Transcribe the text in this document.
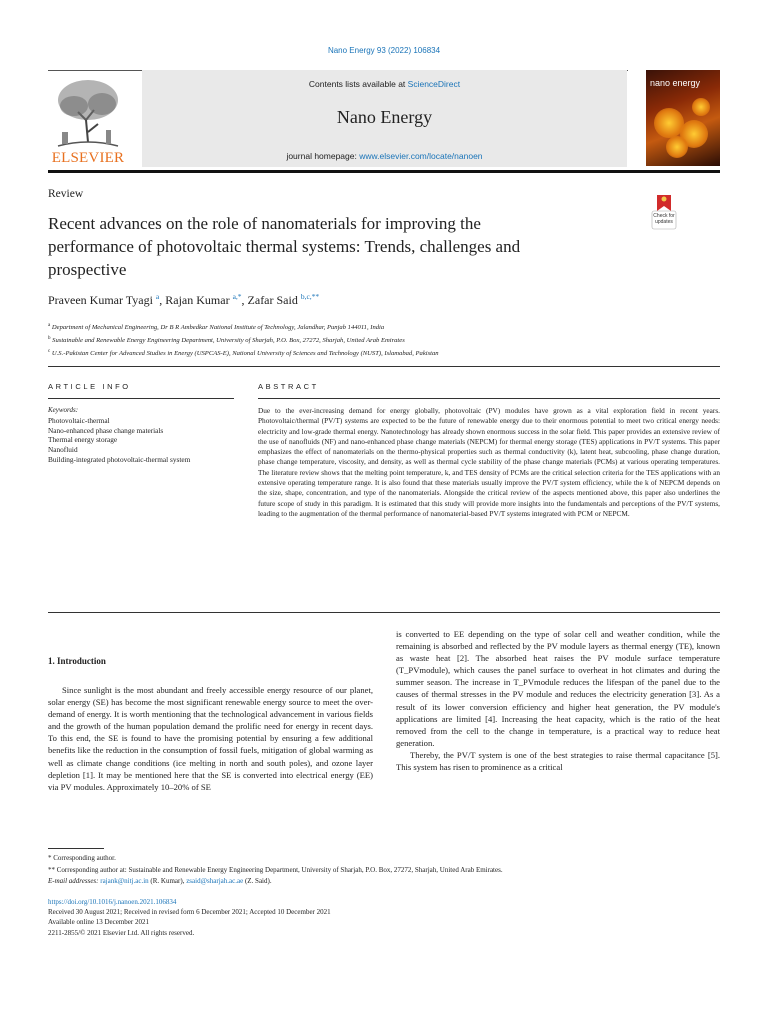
Nano Energy 93 (2022) 106834
ELSEVIER
Contents lists available at ScienceDirect
Nano Energy
journal homepage: www.elsevier.com/locate/nanoen
nano energy
Review
Recent advances on the role of nanomaterials for improving the performance of photovoltaic thermal systems: Trends, challenges and prospective
Check for updates
Praveen Kumar Tyagi $^a$, Rajan Kumar $^{a,*}$, Zafar Said $^{b,c,**}$
$^a$ Department of Mechanical Engineering, Dr B R Ambedkar National Institute of Technology, Jalandhar, Punjab 144011, India
$^b$ Sustainable and Renewable Energy Engineering Department, University of Sharjah, P.O. Box, 27272, Sharjah, United Arab Emirates
$^c$ U.S.-Pakistan Center for Advanced Studies in Energy (USPCAS-E), National University of Sciences and Technology (NUST), Islamabad, Pakistan
ARTICLE INFO	ABSTRACT
Keywords:
Photovoltaic-thermal
Nano-enhanced phase change materials
Thermal energy storage
Nanofluid
Building-integrated photovoltaic-thermal system
Due to the ever-increasing demand for energy globally, photovoltaic (PV) modules have grown as a vital exploration field in recent years. Photovoltaic/thermal (PV/T) systems are expected to be the future of renewable energy due to their enormous potential to meet two critical energy needs: electricity and low-grade thermal energy. Nanotechnology has already shown enormous success in the solar field. This paper provides an extensive review of the use of nanofluids (NF) and nano-enhanced phase change materials (NEPCM) for thermal energy storage (TES) applications in PV/T systems. This paper emphasizes the effect of nanomaterials on the thermo-physical properties such as thermal conductivity (k), latent heat, subcooling, phase change duration, phase change temperature, viscosity, and density, as well as thermal cycle stability of the phase change materials (PCMs) at various operating temperatures. The literature review shows that the melting point temperature, k, and TES density of PCMs are the critical selection criteria for the TES applications with an extensive operating temperature range. It is also found that these materials usually improve the PV/T system efficiency, while the k of NEPCM depends on the size, shape, concentration, and type of the nanomaterials. Alongside the critical review of the aspects mentioned above, this paper also underlines the future scope of study in this paradigm. It is estimated that this study will provide more insights into the fundamentals and perceptions of the PV/T systems, leading to the augmentation of the thermal performance of nanomaterial-based PV/T systems integrated with PCM or NEPCM.
1. Introduction
Since sunlight is the most abundant and freely accessible energy resource of our planet, solar energy (SE) has become the most significant renewable energy source to meet the over-demand of energy. It is worth mentioning that the technological advancement in various fields and the growth of the human population demand the prolific need for energy in recent days. To this end, the SE is found to have the promising potential by ensuring a few additional benefits like the reduction in the consumption of fossil fuels, mitigation of global warming as well as climate change conditions (ice melting in north and south poles), and ozone layer depletion [1]. It may be mentioned here that the SE is converted into electrical energy (EE) via PV modules. Approximately 10–20% of SE

is converted to EE depending on the type of solar cell and weather condition, while the remaining is absorbed and reflected by the PV module layers as thermal energy (TE), known as waste heat [2]. The absorbed heat raises the PV module surface temperature (T_PVmodule), which causes the panel surface to overheat in hot climates and during the summer season. The increase in T_PVmodule reduces the lifespan of the panel due to the causes of thermal stresses in the PV module and reduces the electricity generation [3]. As a result of its lower conversion efficiency and higher heat generation, the PV module's applications are limited [4]. Increasing the heat capacity, which is the ratio of the heat removed from the cell to the change in temperature, is a practical way to reduce heat generation.

Thereby, the PV/T system is one of the best strategies to raise thermal capacitance [5]. This system has risen to prominence as a critical

* Corresponding author.
** Corresponding author at: Sustainable and Renewable Energy Engineering Department, University of Sharjah, P.O. Box, 27272, Sharjah, United Arab Emirates.
E-mail addresses: rajank@nitj.ac.in (R. Kumar), zsaid@sharjah.ac.ae (Z. Said).
https://doi.org/10.1016/j.nanoen.2021.106834
Received 30 August 2021; Received in revised form 6 December 2021; Accepted 10 December 2021
Available online 13 December 2021
2211-2855/© 2021 Elsevier Ltd. All rights reserved.
